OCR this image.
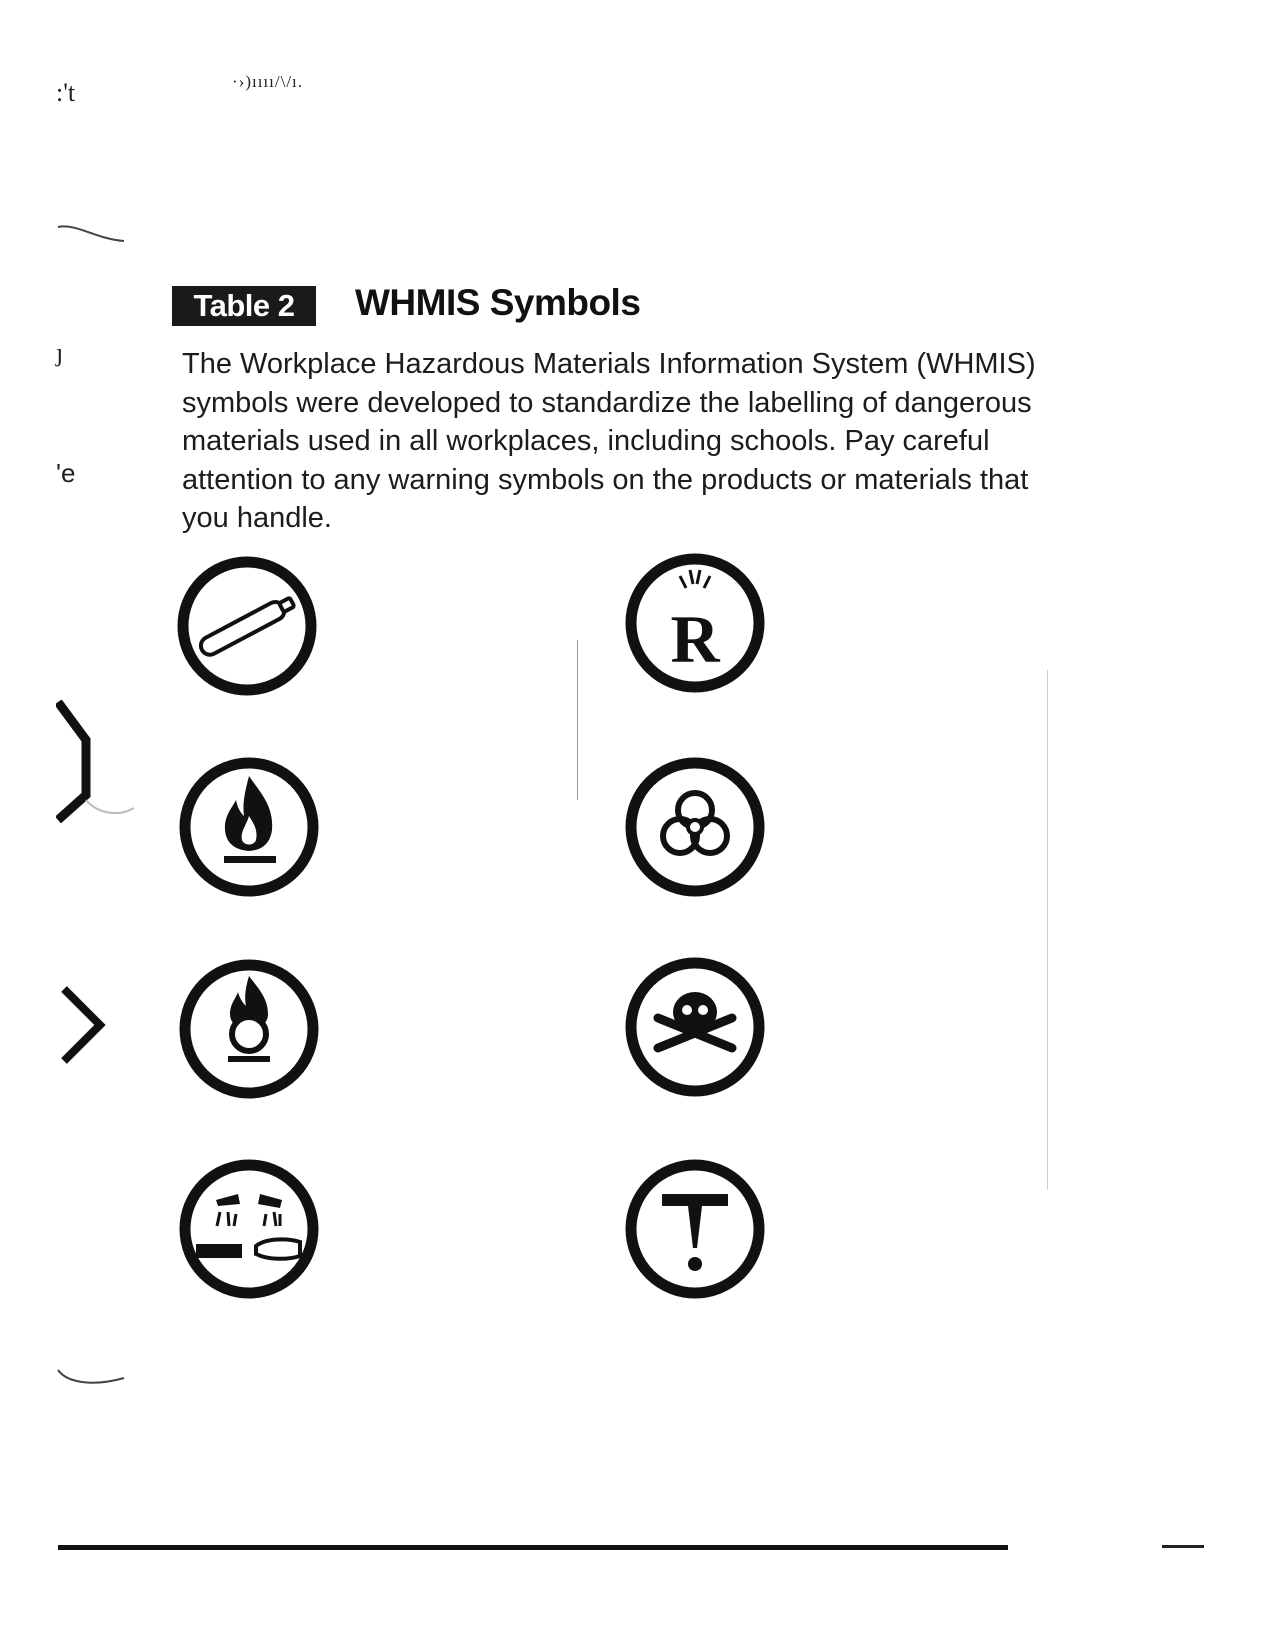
:'t	·›)ıııı/\/ı.
ȷ
'e
Table 2	WHMIS Symbols

The Workplace Hazardous Materials Information System (WHMIS) symbols were developed to standardize the labelling of dangerous materials used in all workplaces, including schools. Pay careful attention to any warning symbols on the products or materials that you handle.

R
